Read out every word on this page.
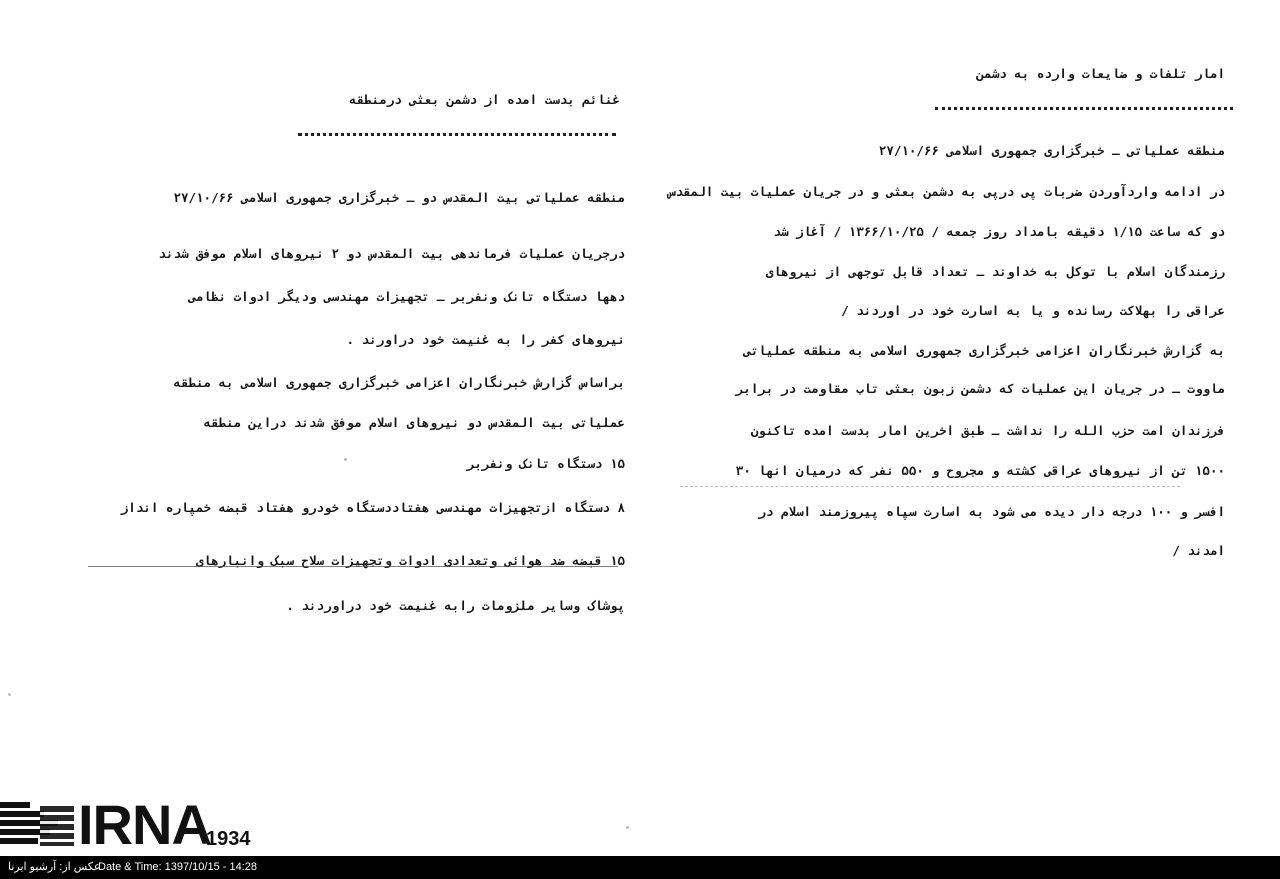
امار تلفات و ضایعات وارده به دشمن
منطقه عملیاتی ـ خبرگزاری جمهوری اسلامی ۲۷/۱۰/۶۶
در ادامه واردآوردن ضربات پی درپی به دشمن بعثی و در جریان عملیات بیت المقدس
دو که ساعت ۱/۱۵ دقیقه بامداد روز جمعه / ۱۳۶۶/۱۰/۲۵ / آغاز شد
رزمندگان اسلام با توکل به خداوند ـ تعداد قابل توجهی از نیروهای
عراقی را بهلاکت رسانده و یا به اسارت خود در اوردند /
به گزارش خبرنگاران اعزامی خبرگزاری جمهوری اسلامی به منطقه عملیاتی
ماووت ـ در جریان این عملیات که دشمن زبون بعثی تاب مقاومت در برابر
فرزندان امت حزب الله را نداشت ـ طبق اخرین امار بدست امده تاکنون
۱۵۰۰ تن از نیروهای عراقی کشته و مجروح و ۵۵۰ نفر که درمیان انها ۳۰
افسر و ۱۰۰ درجه دار دیده می شود به اسارت سپاه پیروزمند اسلام در
امدند /
غنائم بدست امده از دشمن بعثی درمنطقه
منطقه عملیاتی بیت المقدس دو ـ خبرگزاری جمهوری اسلامی ۲۷/۱۰/۶۶
درجریان عملیات فرماندهی بیت المقدس دو ۲ نیروهای اسلام موفق شدند
دهها دستگاه تانک ونفربر ـ تجهیزات مهندسی ودیگر ادوات نظامی
نیروهای کفر را به غنیمت خود دراورند .
براساس گزارش خبرنگاران اعزامی خبرگزاری جمهوری اسلامی به منطقه
عملیاتی بیت المقدس دو نیروهای اسلام موفق شدند دراین منطقه
۱۵ دستگاه تانک ونفربر
۸ دستگاه ازتجهیزات مهندسی هفتاددستگاه خودرو هفتاد قبضه خمپاره انداز
۱۵ قبضه ضد هوائی وتعدادی ادوات وتجهیزات سلاح سبک وانبارهای
پوشاک وسایر ملزومات رابه غنیمت خود دراوردند .
IRNA
1934
عکس از: آرشیو ایرنا
Date & Time: 1397/10/15 - 14:28
